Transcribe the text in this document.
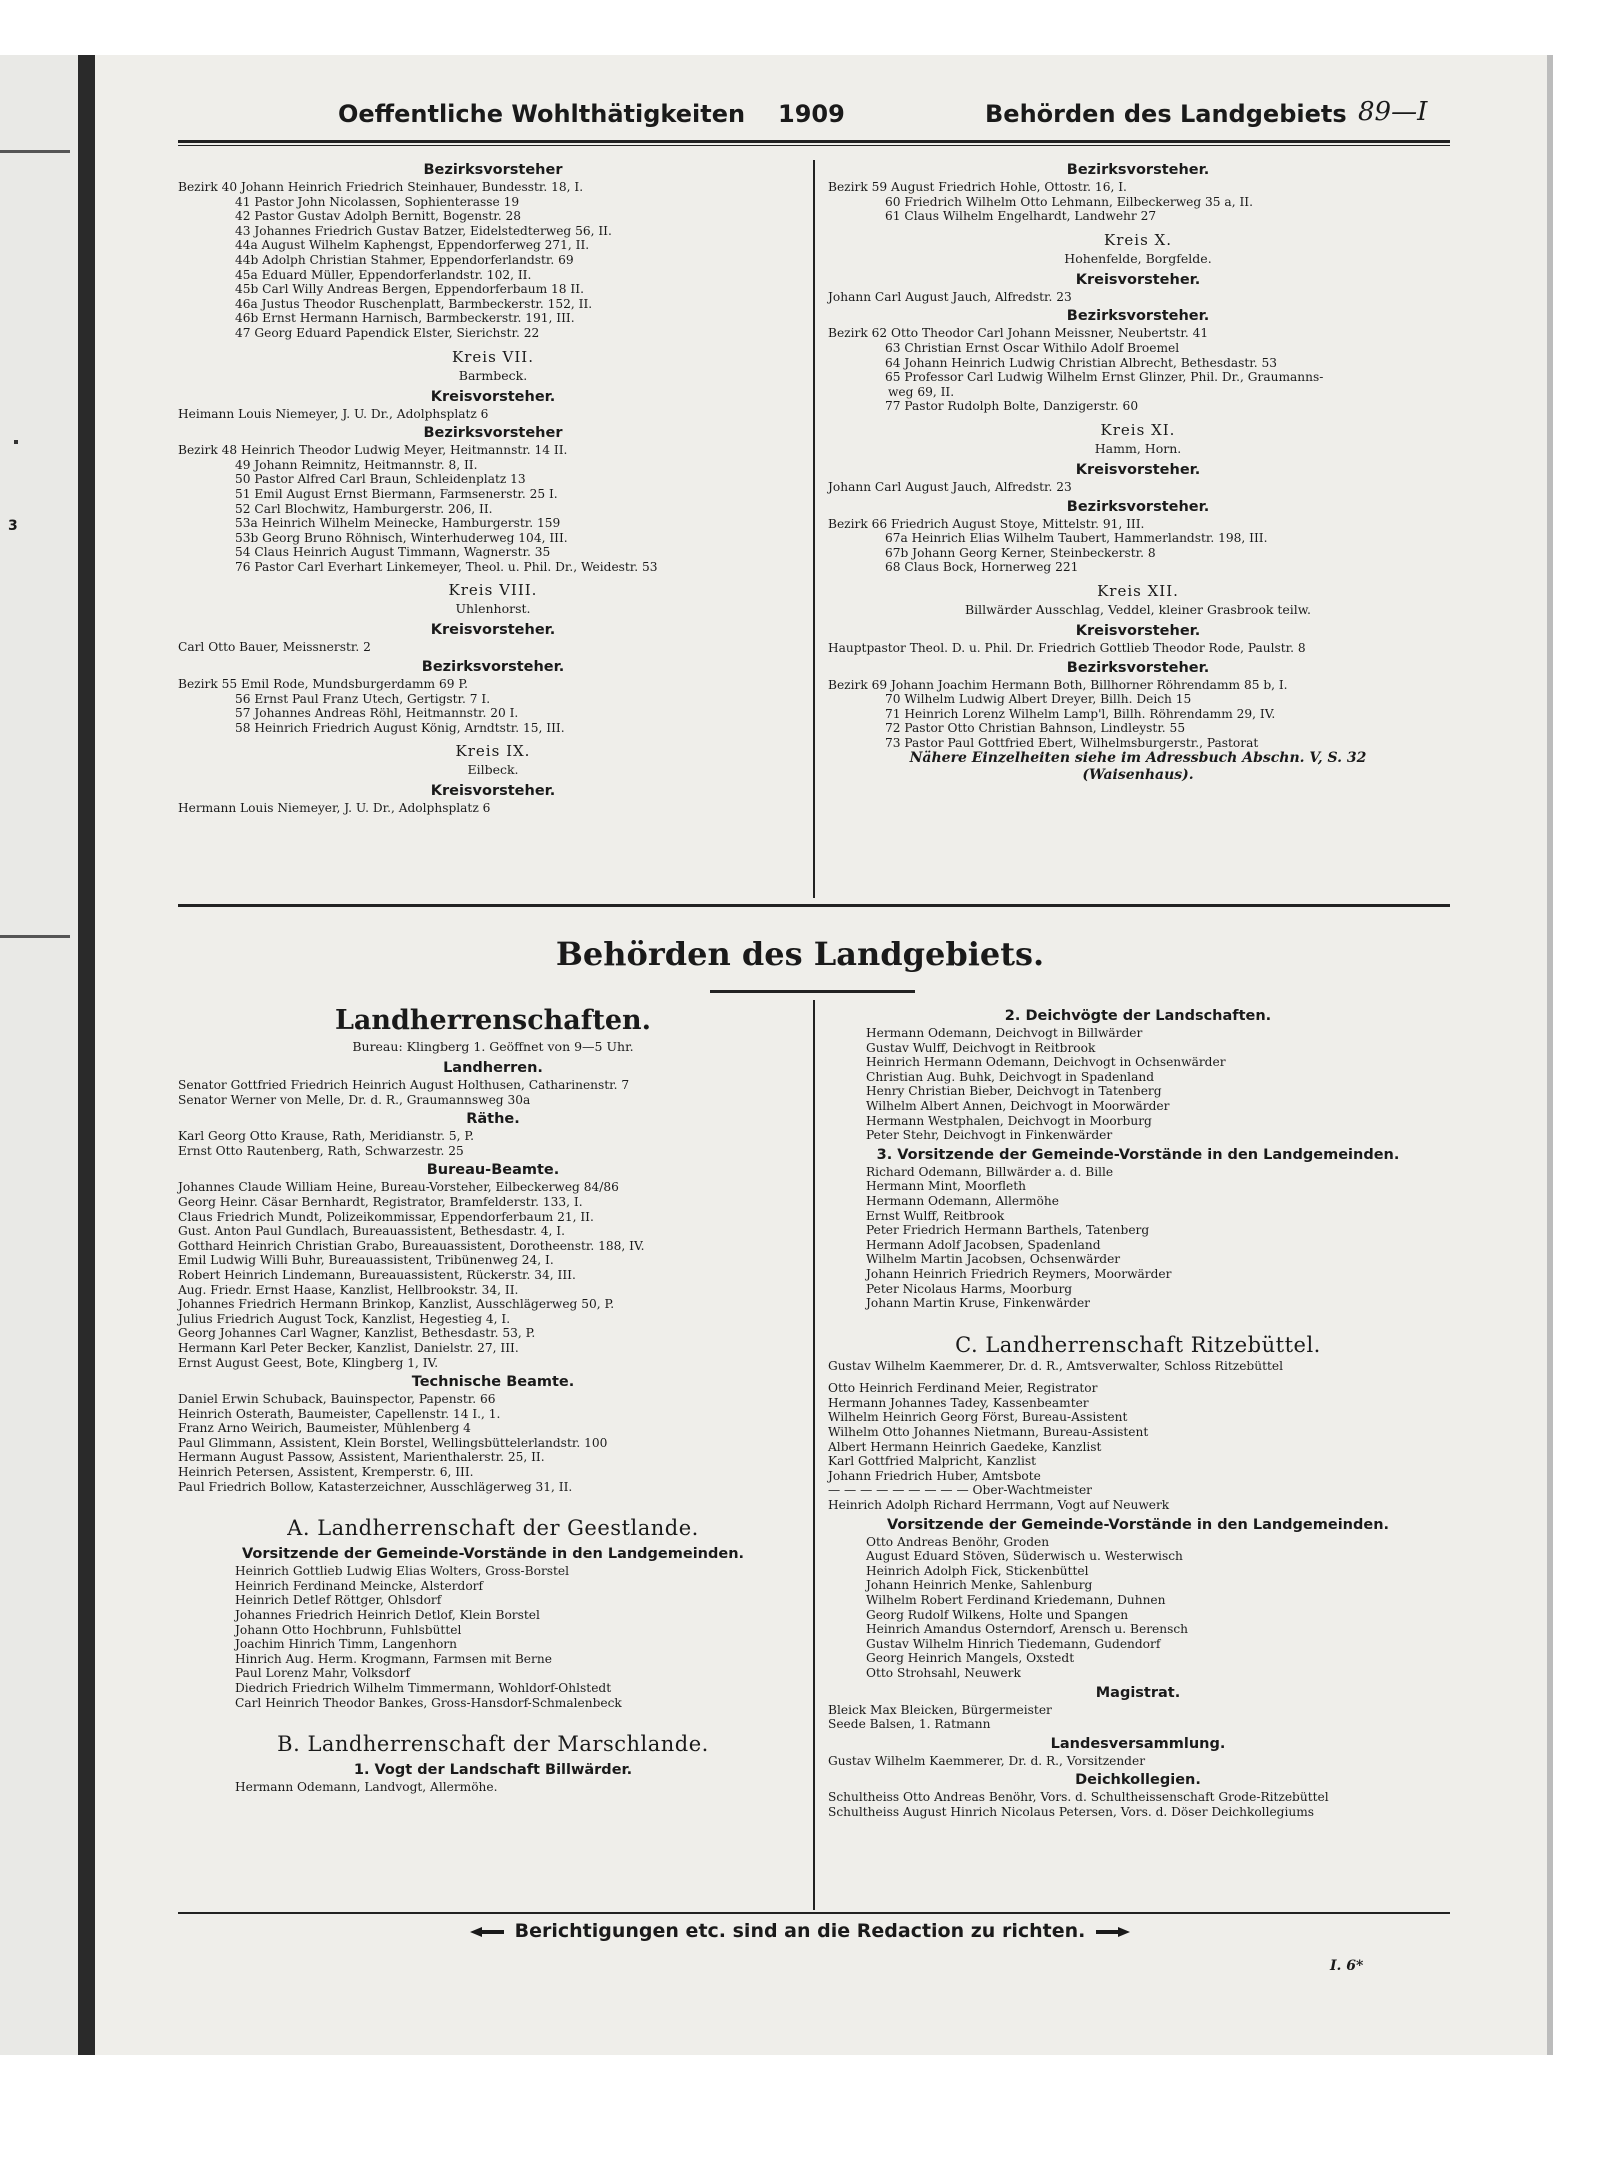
3
Oeffentliche Wohlthätigkeiten 1909	Behörden des Landgebiets 89—I
Bezirksvorsteher
Bezirk 40 Johann Heinrich Friedrich Steinhauer, Bundesstr. 18, I.
41 Pastor John Nicolassen, Sophienterasse 19
42 Pastor Gustav Adolph Bernitt, Bogenstr. 28
43 Johannes Friedrich Gustav Batzer, Eidelstedterweg 56, II.
44a August Wilhelm Kaphengst, Eppendorferweg 271, II.
44b Adolph Christian Stahmer, Eppendorferlandstr. 69
45a Eduard Müller, Eppendorferlandstr. 102, II.
45b Carl Willy Andreas Bergen, Eppendorferbaum 18 II.
46a Justus Theodor Ruschenplatt, Barmbeckerstr. 152, II.
46b Ernst Hermann Harnisch, Barmbeckerstr. 191, III.
47 Georg Eduard Papendick Elster, Sierichstr. 22
Kreis VII.
Barmbeck.
Kreisvorsteher.
Heimann Louis Niemeyer, J. U. Dr., Adolphsplatz 6
Bezirksvorsteher
Bezirk 48 Heinrich Theodor Ludwig Meyer, Heitmannstr. 14 II.
49 Johann Reimnitz, Heitmannstr. 8, II.
50 Pastor Alfred Carl Braun, Schleidenplatz 13
51 Emil August Ernst Biermann, Farmsenerstr. 25 I.
52 Carl Blochwitz, Hamburgerstr. 206, II.
53a Heinrich Wilhelm Meinecke, Hamburgerstr. 159
53b Georg Bruno Röhnisch, Winterhuderweg 104, III.
54 Claus Heinrich August Timmann, Wagnerstr. 35
76 Pastor Carl Everhart Linkemeyer, Theol. u. Phil. Dr., Weidestr. 53
Kreis VIII.
Uhlenhorst.
Kreisvorsteher.
Carl Otto Bauer, Meissnerstr. 2
Bezirksvorsteher.
Bezirk 55 Emil Rode, Mundsburgerdamm 69 P.
56 Ernst Paul Franz Utech, Gertigstr. 7 I.
57 Johannes Andreas Röhl, Heitmannstr. 20 I.
58 Heinrich Friedrich August König, Arndtstr. 15, III.
Kreis IX.
Eilbeck.
Kreisvorsteher.
Hermann Louis Niemeyer, J. U. Dr., Adolphsplatz 6
Bezirksvorsteher.
Bezirk 59 August Friedrich Hohle, Ottostr. 16, I.
60 Friedrich Wilhelm Otto Lehmann, Eilbeckerweg 35 a, II.
61 Claus Wilhelm Engelhardt, Landwehr 27
Kreis X.
Hohenfelde, Borgfelde.
Kreisvorsteher.
Johann Carl August Jauch, Alfredstr. 23
Bezirksvorsteher.
Bezirk 62 Otto Theodor Carl Johann Meissner, Neubertstr. 41
63 Christian Ernst Oscar Withilo Adolf Broemel
64 Johann Heinrich Ludwig Christian Albrecht, Bethesdastr. 53
65 Professor Carl Ludwig Wilhelm Ernst Glinzer, Phil. Dr., Graumanns-
weg 69, II.
77 Pastor Rudolph Bolte, Danzigerstr. 60
Kreis XI.
Hamm, Horn.
Kreisvorsteher.
Johann Carl August Jauch, Alfredstr. 23
Bezirksvorsteher.
Bezirk 66 Friedrich August Stoye, Mittelstr. 91, III.
67a Heinrich Elias Wilhelm Taubert, Hammerlandstr. 198, III.
67b Johann Georg Kerner, Steinbeckerstr. 8
68 Claus Bock, Hornerweg 221
Kreis XII.
Billwärder Ausschlag, Veddel, kleiner Grasbrook teilw.
Kreisvorsteher.
Hauptpastor Theol. D. u. Phil. Dr. Friedrich Gottlieb Theodor Rode, Paulstr. 8
Bezirksvorsteher.
Bezirk 69 Johann Joachim Hermann Both, Billhorner Röhrendamm 85 b, I.
70 Wilhelm Ludwig Albert Dreyer, Billh. Deich 15
71 Heinrich Lorenz Wilhelm Lamp'l, Billh. Röhrendamm 29, IV.
72 Pastor Otto Christian Bahnson, Lindleystr. 55
73 Pastor Paul Gottfried Ebert, Wilhelmsburgerstr., Pastorat
Nähere Einzelheiten siehe im Adressbuch Abschn. V, S. 32
(Waisenhaus).
Behörden des Landgebiets.
Landherrenschaften.
Bureau: Klingberg 1. Geöffnet von 9—5 Uhr.
Landherren.
Senator Gottfried Friedrich Heinrich August Holthusen, Catharinenstr. 7
Senator Werner von Melle, Dr. d. R., Graumannsweg 30a
Räthe.
Karl Georg Otto Krause, Rath, Meridianstr. 5, P.
Ernst Otto Rautenberg, Rath, Schwarzestr. 25
Bureau-Beamte.
Johannes Claude William Heine, Bureau-Vorsteher, Eilbeckerweg 84/86
Georg Heinr. Cäsar Bernhardt, Registrator, Bramfelderstr. 133, I.
Claus Friedrich Mundt, Polizeikommissar, Eppendorferbaum 21, II.
Gust. Anton Paul Gundlach, Bureauassistent, Bethesdastr. 4, I.
Gotthard Heinrich Christian Grabo, Bureauassistent, Dorotheenstr. 188, IV.
Emil Ludwig Willi Buhr, Bureauassistent, Tribünenweg 24, I.
Robert Heinrich Lindemann, Bureauassistent, Rückerstr. 34, III.
Aug. Friedr. Ernst Haase, Kanzlist, Hellbrookstr. 34, II.
Johannes Friedrich Hermann Brinkop, Kanzlist, Ausschlägerweg 50, P.
Julius Friedrich August Tock, Kanzlist, Hegestieg 4, I.
Georg Johannes Carl Wagner, Kanzlist, Bethesdastr. 53, P.
Hermann Karl Peter Becker, Kanzlist, Danielstr. 27, III.
Ernst August Geest, Bote, Klingberg 1, IV.
Technische Beamte.
Daniel Erwin Schuback, Bauinspector, Papenstr. 66
Heinrich Osterath, Baumeister, Capellenstr. 14 I., 1.
Franz Arno Weirich, Baumeister, Mühlenberg 4
Paul Glimmann, Assistent, Klein Borstel, Wellingsbüttelerlandstr. 100
Hermann August Passow, Assistent, Marienthalerstr. 25, II.
Heinrich Petersen, Assistent, Kremperstr. 6, III.
Paul Friedrich Bollow, Katasterzeichner, Ausschlägerweg 31, II.
A. Landherrenschaft der Geestlande.
Vorsitzende der Gemeinde-Vorstände in den Landgemeinden.
Heinrich Gottlieb Ludwig Elias Wolters, Gross-Borstel
Heinrich Ferdinand Meincke, Alsterdorf
Heinrich Detlef Röttger, Ohlsdorf
Johannes Friedrich Heinrich Detlof, Klein Borstel
Johann Otto Hochbrunn, Fuhlsbüttel
Joachim Hinrich Timm, Langenhorn
Hinrich Aug. Herm. Krogmann, Farmsen mit Berne
Paul Lorenz Mahr, Volksdorf
Diedrich Friedrich Wilhelm Timmermann, Wohldorf-Ohlstedt
Carl Heinrich Theodor Bankes, Gross-Hansdorf-Schmalenbeck
B. Landherrenschaft der Marschlande.
1. Vogt der Landschaft Billwärder.
Hermann Odemann, Landvogt, Allermöhe.
2. Deichvögte der Landschaften.
Hermann Odemann, Deichvogt in Billwärder
Gustav Wulff, Deichvogt in Reitbrook
Heinrich Hermann Odemann, Deichvogt in Ochsenwärder
Christian Aug. Buhk, Deichvogt in Spadenland
Henry Christian Bieber, Deichvogt in Tatenberg
Wilhelm Albert Annen, Deichvogt in Moorwärder
Hermann Westphalen, Deichvogt in Moorburg
Peter Stehr, Deichvogt in Finkenwärder
3. Vorsitzende der Gemeinde-Vorstände in den Landgemeinden.
Richard Odemann, Billwärder a. d. Bille
Hermann Mint, Moorfleth
Hermann Odemann, Allermöhe
Ernst Wulff, Reitbrook
Peter Friedrich Hermann Barthels, Tatenberg
Hermann Adolf Jacobsen, Spadenland
Wilhelm Martin Jacobsen, Ochsenwärder
Johann Heinrich Friedrich Reymers, Moorwärder
Peter Nicolaus Harms, Moorburg
Johann Martin Kruse, Finkenwärder
C. Landherrenschaft Ritzebüttel.
Gustav Wilhelm Kaemmerer, Dr. d. R., Amtsverwalter, Schloss Ritzebüttel
Otto Heinrich Ferdinand Meier, Registrator
Hermann Johannes Tadey, Kassenbeamter
Wilhelm Heinrich Georg Först, Bureau-Assistent
Wilhelm Otto Johannes Nietmann, Bureau-Assistent
Albert Hermann Heinrich Gaedeke, Kanzlist
Karl Gottfried Malpricht, Kanzlist
Johann Friedrich Huber, Amtsbote
— — — — — — — — — Ober-Wachtmeister
Heinrich Adolph Richard Herrmann, Vogt auf Neuwerk
Vorsitzende der Gemeinde-Vorstände in den Landgemeinden.
Otto Andreas Benöhr, Groden
August Eduard Stöven, Süderwisch u. Westerwisch
Heinrich Adolph Fick, Stickenbüttel
Johann Heinrich Menke, Sahlenburg
Wilhelm Robert Ferdinand Kriedemann, Duhnen
Georg Rudolf Wilkens, Holte und Spangen
Heinrich Amandus Osterndorf, Arensch u. Berensch
Gustav Wilhelm Hinrich Tiedemann, Gudendorf
Georg Heinrich Mangels, Oxstedt
Otto Strohsahl, Neuwerk
Magistrat.
Bleick Max Bleicken, Bürgermeister
Seede Balsen, 1. Ratmann
Landesversammlung.
Gustav Wilhelm Kaemmerer, Dr. d. R., Vorsitzender
Deichkollegien.
Schultheiss Otto Andreas Benöhr, Vors. d. Schultheissenschaft Grode-Ritzebüttel
Schultheiss August Hinrich Nicolaus Petersen, Vors. d. Döser Deichkollegiums
Berichtigungen etc. sind an die Redaction zu richten.
I. 6*
